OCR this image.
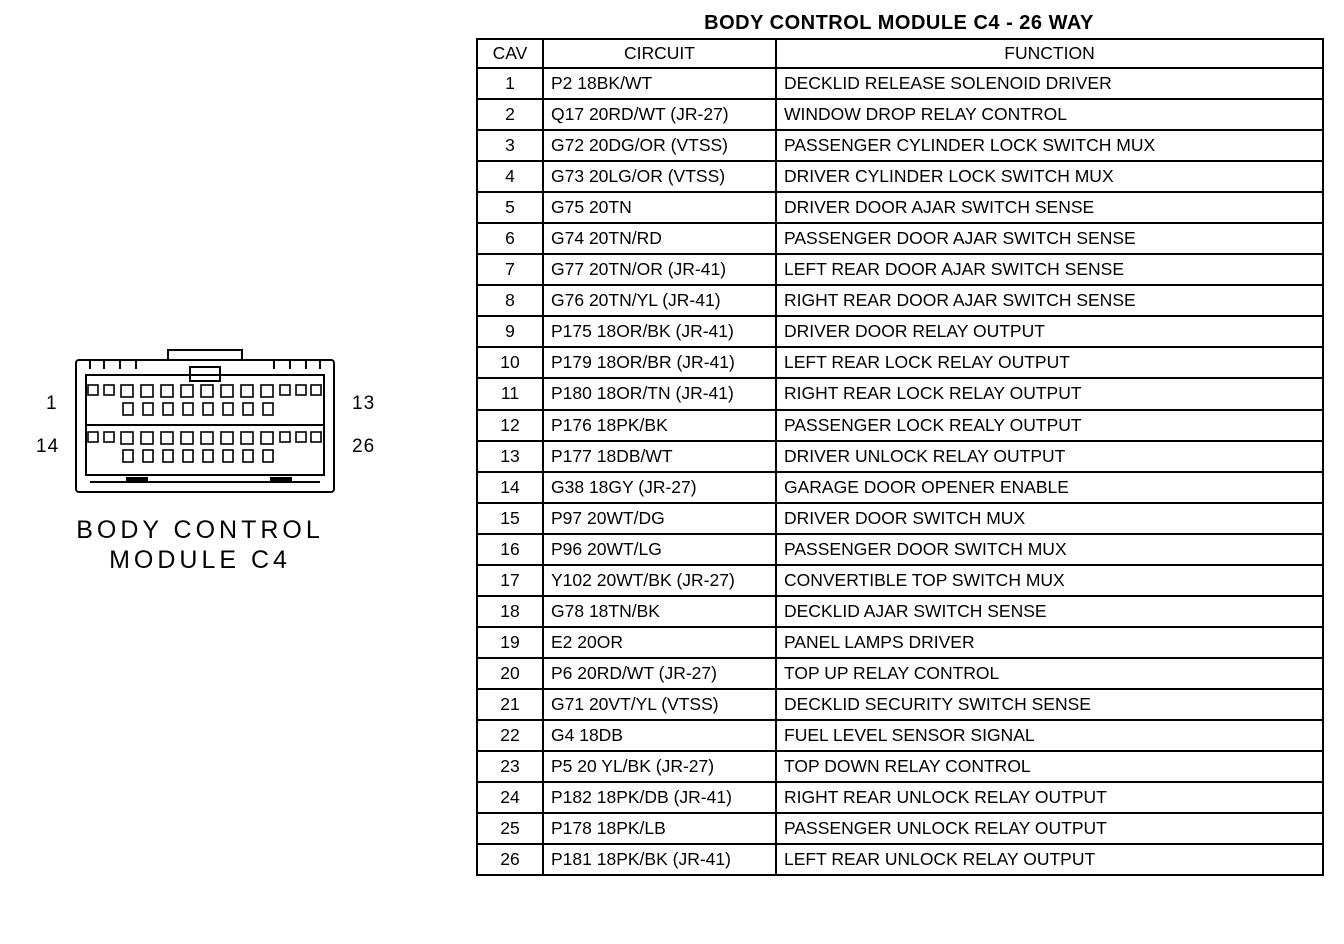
1
14
13
26
BODY CONTROL
MODULE C4
BODY CONTROL MODULE C4 - 26 WAY
CAV	CIRCUIT	FUNCTION
1	P2 18BK/WT	DECKLID RELEASE SOLENOID DRIVER
2	Q17 20RD/WT (JR-27)	WINDOW DROP RELAY CONTROL
3	G72 20DG/OR (VTSS)	PASSENGER CYLINDER LOCK SWITCH MUX
4	G73 20LG/OR (VTSS)	DRIVER CYLINDER LOCK SWITCH MUX
5	G75 20TN	DRIVER DOOR AJAR SWITCH SENSE
6	G74 20TN/RD	PASSENGER DOOR AJAR SWITCH SENSE
7	G77 20TN/OR (JR-41)	LEFT REAR DOOR AJAR SWITCH SENSE
8	G76 20TN/YL (JR-41)	RIGHT REAR DOOR AJAR SWITCH SENSE
9	P175 18OR/BK (JR-41)	DRIVER DOOR RELAY OUTPUT
10	P179 18OR/BR (JR-41)	LEFT REAR LOCK RELAY OUTPUT
11	P180 18OR/TN (JR-41)	RIGHT REAR LOCK RELAY OUTPUT
12	P176 18PK/BK	PASSENGER LOCK REALY OUTPUT
13	P177 18DB/WT	DRIVER UNLOCK RELAY OUTPUT
14	G38 18GY (JR-27)	GARAGE DOOR OPENER ENABLE
15	P97 20WT/DG	DRIVER DOOR SWITCH MUX
16	P96 20WT/LG	PASSENGER DOOR SWITCH MUX
17	Y102 20WT/BK (JR-27)	CONVERTIBLE TOP SWITCH MUX
18	G78 18TN/BK	DECKLID AJAR SWITCH SENSE
19	E2 20OR	PANEL LAMPS DRIVER
20	P6 20RD/WT (JR-27)	TOP UP RELAY CONTROL
21	G71 20VT/YL (VTSS)	DECKLID SECURITY SWITCH SENSE
22	G4 18DB	FUEL LEVEL SENSOR SIGNAL
23	P5 20 YL/BK (JR-27)	TOP DOWN RELAY CONTROL
24	P182 18PK/DB (JR-41)	RIGHT REAR UNLOCK RELAY OUTPUT
25	P178 18PK/LB	PASSENGER UNLOCK RELAY OUTPUT
26	P181 18PK/BK (JR-41)	LEFT REAR UNLOCK RELAY OUTPUT
